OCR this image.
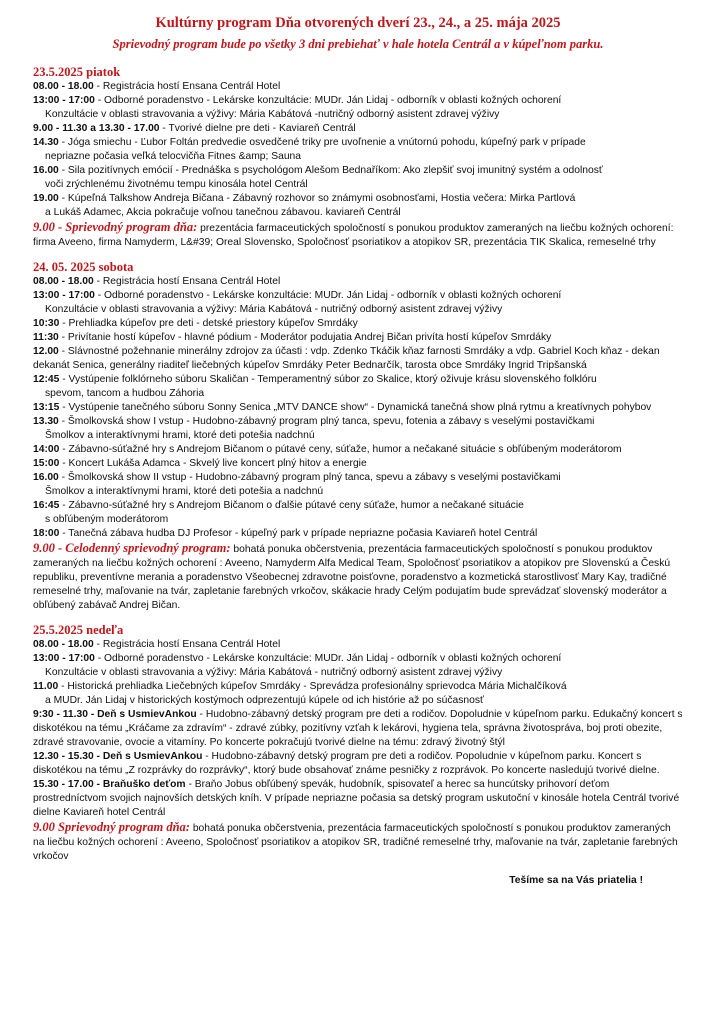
Kultúrny program Dňa otvorených dverí 23., 24., a 25. mája 2025
Sprievodný program bude po všetky 3 dni prebiehať v hale hotela Centrál a v kúpeľnom parku.
23.5.2025 piatok
08.00 - 18.00 - Registrácia hostí Ensana Centrál Hotel
13:00 - 17:00 - Odborné poradenstvo - Lekárske konzultácie: MUDr. Ján Lidaj - odborník v oblasti kožných ochorení
Konzultácie v oblasti stravovania a výživy: Mária Kabátová -nutričný odborný asistent zdravej výživy
9.00 - 11.30 a 13.30 - 17.00 - Tvorivé dielne pre deti - Kaviareň Centrál
14.30 - Jóga smiechu - Ľubor Foltán predvedie osvedčené triky pre uvoľnenie a vnútornú pohodu, kúpeľný park v prípade
nepriazne počasia veľká telocvičňa Fitnes &amp; Sauna
16.00 - Sila pozitívnych emócií - Prednáška s psychológom Alešom Bednaříkom: Ako zlepšiť svoj imunitný systém a odolnosť
voči zrýchlenému životnému tempu kinosála hotel Centrál
19.00 - Kúpeľná Talkshow Andreja Bičana - Zábavný rozhovor so známymi osobnosťami, Hostia večera: Mirka Partlová
a Lukáš Adamec, Akcia pokračuje voľnou tanečnou zábavou. kaviareň Centrál
9.00 - Sprievodný program dňa: prezentácia farmaceutických spoločností s ponukou produktov zameraných na liečbu kožných ochorení: firma Aveeno, firma Namyderm, L&#39; Oreal Slovensko, Spoločnosť psoriatikov a atopikov SR, prezentácia TIK Skalica, remeselné trhy
24. 05. 2025 sobota
08.00 - 18.00 - Registrácia hostí Ensana Centrál Hotel
13:00 - 17:00 - Odborné poradenstvo - Lekárske konzultácie: MUDr. Ján Lidaj - odborník v oblasti kožných ochorení
Konzultácie v oblasti stravovania a výživy: Mária Kabátová - nutričný odborný asistent zdravej výživy
10:30 - Prehliadka kúpeľov pre deti - detské priestory kúpeľov Smrdáky
11:30 - Privítanie hostí kúpeľov - hlavné pódium - Moderátor podujatia Andrej Bičan privíta hostí kúpeľov Smrdáky
12.00 - Slávnostné požehnanie minerálny zdrojov za účasti : vdp. Zdenko Tkáčik kňaz farnosti Smrdáky a vdp. Gabriel Koch kňaz - dekan dekanát Senica, generálny riaditeľ liečebných kúpeľov Smrdáky Peter Bednarčík, tarosta obce Smrdáky Ingrid Tripšanská
12:45 - Vystúpenie folklórneho súboru Skaličan - Temperamentný súbor zo Skalice, ktorý oživuje krásu slovenského folklóru
spevom, tancom a hudbou Záhoria
13:15 - Vystúpenie tanečného súboru Sonny Senica „MTV DANCE show“ - Dynamická tanečná show plná rytmu a kreatívnych pohybov
13.30 - Šmolkovská show I vstup - Hudobno-zábavný program plný tanca, spevu, fotenia a zábavy s veselými postavičkami
Šmolkov a interaktívnymi hrami, ktoré deti potešia nadchnú
14:00 - Zábavno-súťažné hry s Andrejom Bičanom o pútavé ceny, súťaže, humor a nečakané situácie s obľúbeným moderátorom
15:00 - Koncert Lukáša Adamca - Skvelý live koncert plný hitov a energie
16.00 - Šmolkovská show II vstup - Hudobno-zábavný program plný tanca, spevu a zábavy s veselými postavičkami
Šmolkov a interaktívnymi hrami, ktoré deti potešia a nadchnú
16:45 - Zábavno-súťažné hry s Andrejom Bičanom o ďalšie pútavé ceny súťaže, humor a nečakané situácie
s obľúbeným moderátorom
18:00 - Tanečná zábava hudba DJ Profesor - kúpeľný park v prípade nepriazne počasia Kaviareň hotel Centrál
9.00 - Celodenný sprievodný program: bohatá ponuka občerstvenia, prezentácia farmaceutických spoločností s ponukou produktov zameraných na liečbu kožných ochorení : Aveeno, Namyderm Alfa Medical Team, Spoločnosť psoriatikov a atopikov pre Slovenskú a Českú republiku, preventívne merania a poradenstvo Všeobecnej zdravotne poisťovne, poradenstvo a kozmetická starostlivosť Mary Kay, tradičné remeselné trhy, maľovanie na tvár, zapletanie farebných vrkočov, skákacie hrady Celým podujatím bude sprevádzať slovenský moderátor a obľúbený zabávač Andrej Bičan.
25.5.2025 nedeľa
08.00 - 18.00 - Registrácia hostí Ensana Centrál Hotel
13:00 - 17:00 - Odborné poradenstvo - Lekárske konzultácie: MUDr. Ján Lidaj - odborník v oblasti kožných ochorení
Konzultácie v oblasti stravovania a výživy: Mária Kabátová - nutričný odborný asistent zdravej výživy
11.00 - Historická prehliadka Liečebných kúpeľov Smrdáky - Sprevádza profesionálny sprievodca Mária Michalčíková
a MUDr. Ján Lidaj v historických kostýmoch odprezentujú kúpele od ich histórie až po súčasnosť
9:30 - 11.30 - Deň s UsmievAnkou - Hudobno-zábavný detský program pre deti a rodičov. Dopoludnie v kúpeľnom parku. Edukačný koncert s diskotékou na tému „Kráčame za zdravím“ - zdravé zúbky, pozitívny vzťah k lekárovi, hygiena tela, správna životospráva, boj proti obezite, zdravé stravovanie, ovocie a vitamíny. Po koncerte pokračujú tvorivé dielne na tému: zdravý životný štýl
12.30 - 15.30 - Deň s UsmievAnkou - Hudobno-zábavný detský program pre deti a rodičov. Popoludnie v kúpeľnom parku. Koncert s diskotékou na tému „Z rozprávky do rozprávky“, ktorý bude obsahovať známe pesničky z rozprávok. Po koncerte nasledujú tvorivé dielne.
15.30 - 17.00 - Braňuško deťom - Braňo Jobus obľúbený spevák, hudobník, spisovateľ a herec sa huncútsky prihovorí deťom prostredníctvom svojich najnovších detských kníh. V prípade nepriazne počasia sa detský program uskutoční v kinosále hotela Centrál tvorivé dielne Kaviareň hotel Centrál
9.00 Sprievodný program dňa: bohatá ponuka občerstvenia, prezentácia farmaceutických spoločností s ponukou produktov zameraných na liečbu kožných ochorení : Aveeno, Spoločnosť psoriatikov a atopikov SR, tradičné remeselné trhy, maľovanie na tvár, zapletanie farebných vrkočov
Tešíme sa na Vás priatelia !
